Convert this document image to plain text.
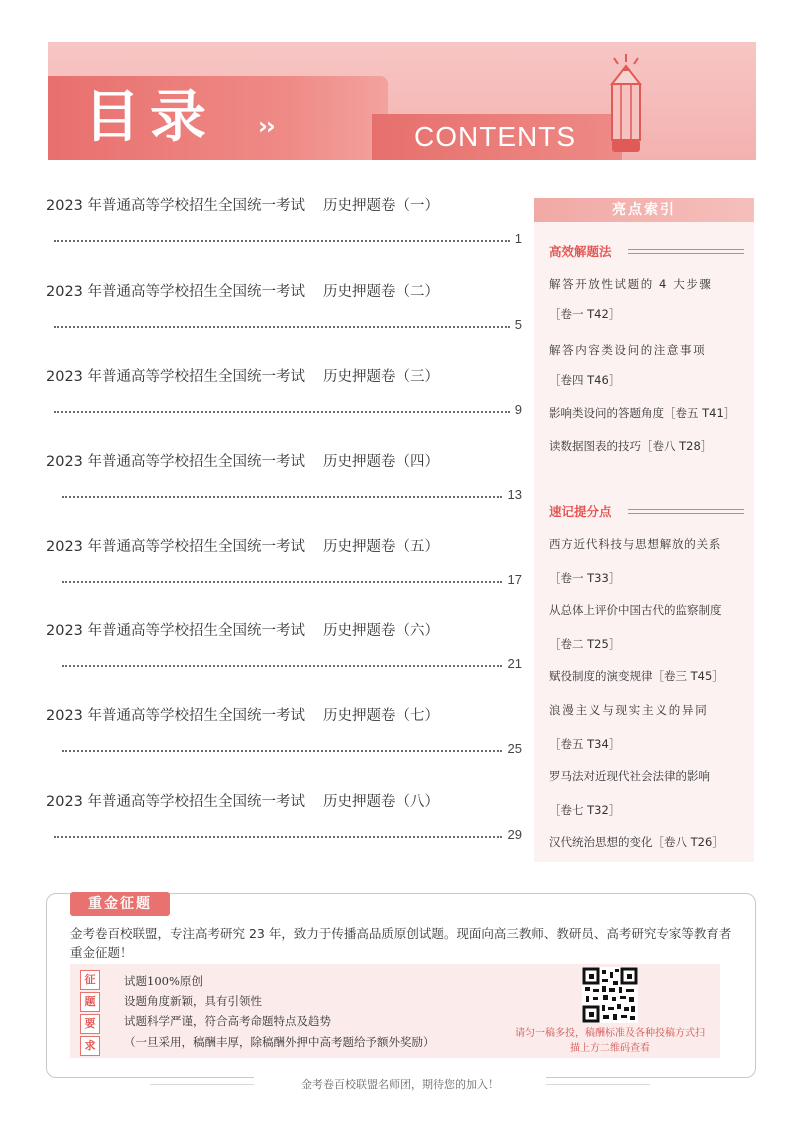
目录 ››	CONTENTS
2023 年普通高等学校招生全国统一考试 历史押题卷（一）
1
2023 年普通高等学校招生全国统一考试 历史押题卷（二）
5
2023 年普通高等学校招生全国统一考试 历史押题卷（三）
9
2023 年普通高等学校招生全国统一考试 历史押题卷（四）
13
2023 年普通高等学校招生全国统一考试 历史押题卷（五）
17
2023 年普通高等学校招生全国统一考试 历史押题卷（六）
21
2023 年普通高等学校招生全国统一考试 历史押题卷（七）
25
2023 年普通高等学校招生全国统一考试 历史押题卷（八）
29
亮点索引
高效解题法
解答开放性试题的 4 大步骤
［卷一 T42］
解答内容类设问的注意事项
［卷四 T46］
影响类设问的答题角度［卷五 T41］
读数据图表的技巧［卷八 T28］
速记提分点
西方近代科技与思想解放的关系
［卷一 T33］
从总体上评价中国古代的监察制度
［卷二 T25］
赋役制度的演变规律［卷三 T45］
浪漫主义与现实主义的异同
［卷五 T34］
罗马法对近现代社会法律的影响
［卷七 T32］
汉代统治思想的变化［卷八 T26］
重金征题
金考卷百校联盟，专注高考研究 23 年，致力于传播高品质原创试题。现面向高三教师、教研员、高考研究专家等教育者重金征题！
征
题
要
求
试题100%原创
设题角度新颖，具有引领性
试题科学严谨，符合高考命题特点及趋势
（一旦采用，稿酬丰厚，除稿酬外押中高考题给予额外奖励）
请匀一稿多投，稿酬标准及各种投稿方式扫描上方二维码查看
金考卷百校联盟名师团，期待您的加入！
